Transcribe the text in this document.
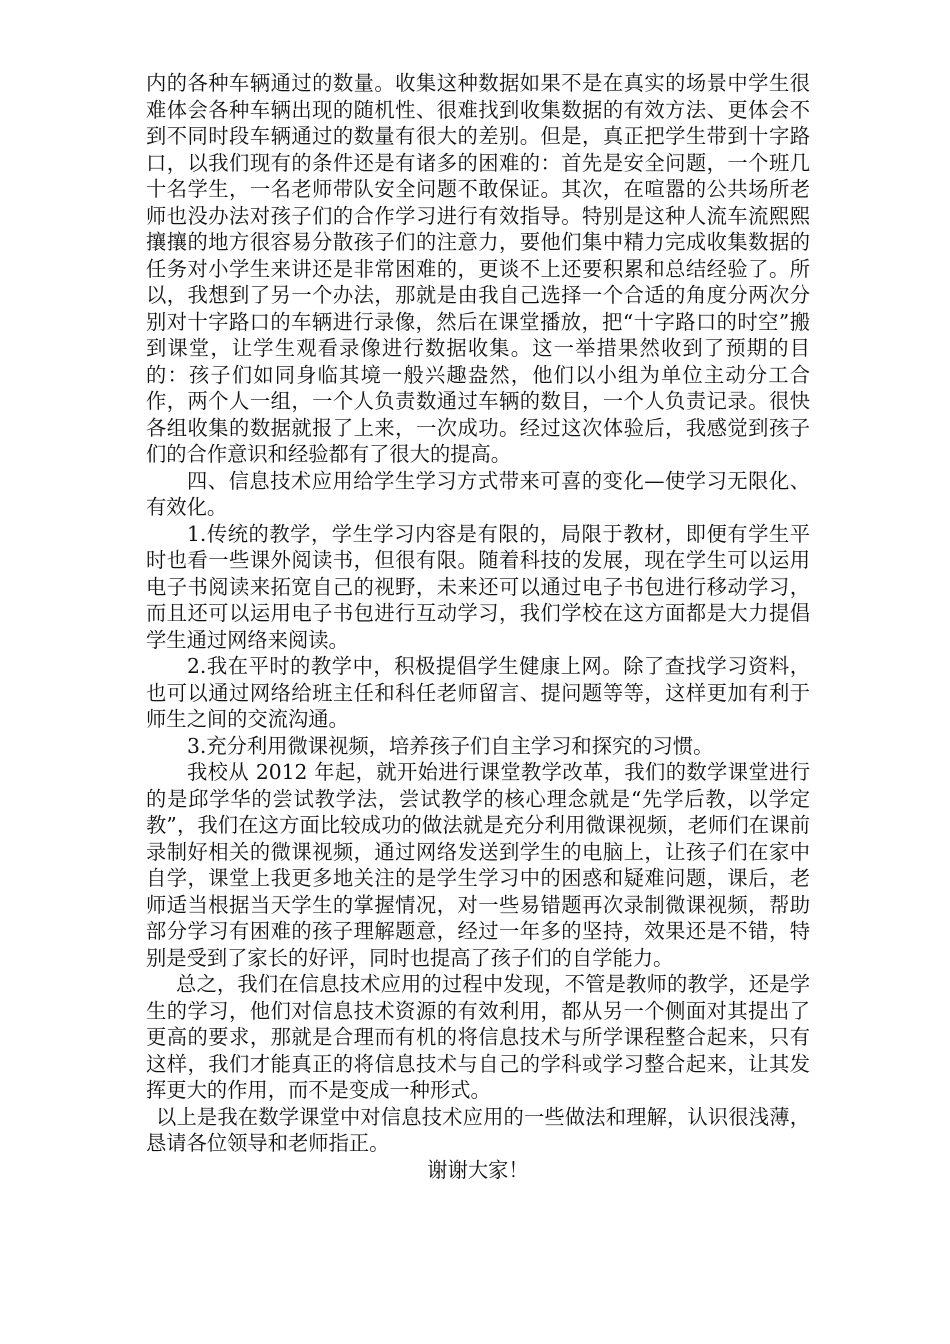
内的各种车辆通过的数量。收集这种数据如果不是在真实的场景中学生很难体会各种车辆出现的随机性、很难找到收集数据的有效方法、更体会不到不同时段车辆通过的数量有很大的差别。但是，真正把学生带到十字路口，以我们现有的条件还是有诸多的困难的：首先是安全问题，一个班几十名学生，一名老师带队安全问题不敢保证。其次，在喧嚣的公共场所老师也没办法对孩子们的合作学习进行有效指导。特别是这种人流车流熙熙攘攘的地方很容易分散孩子们的注意力，要他们集中精力完成收集数据的任务对小学生来讲还是非常困难的，更谈不上还要积累和总结经验了。所以，我想到了另一个办法，那就是由我自己选择一个合适的角度分两次分别对十字路口的车辆进行录像，然后在课堂播放，把“十字路口的时空”搬到课堂，让学生观看录像进行数据收集。这一举措果然收到了预期的目的：孩子们如同身临其境一般兴趣盎然，他们以小组为单位主动分工合作，两个人一组，一个人负责数通过车辆的数目，一个人负责记录。很快各组收集的数据就报了上来，一次成功。经过这次体验后，我感觉到孩子们的合作意识和经验都有了很大的提高。

四、信息技术应用给学生学习方式带来可喜的变化—使学习无限化、有效化。

1.传统的教学，学生学习内容是有限的，局限于教材，即便有学生平时也看一些课外阅读书，但很有限。随着科技的发展，现在学生可以运用电子书阅读来拓宽自己的视野，未来还可以通过电子书包进行移动学习，而且还可以运用电子书包进行互动学习，我们学校在这方面都是大力提倡学生通过网络来阅读。

2.我在平时的教学中，积极提倡学生健康上网。除了查找学习资料，也可以通过网络给班主任和科任老师留言、提问题等等，这样更加有利于师生之间的交流沟通。

3.充分利用微课视频，培养孩子们自主学习和探究的习惯。

我校从 2012 年起，就开始进行课堂教学改革，我们的数学课堂进行的是邱学华的尝试教学法，尝试教学的核心理念就是“先学后教，以学定教”，我们在这方面比较成功的做法就是充分利用微课视频，老师们在课前录制好相关的微课视频，通过网络发送到学生的电脑上，让孩子们在家中自学，课堂上我更多地关注的是学生学习中的困惑和疑难问题，课后，老师适当根据当天学生的掌握情况，对一些易错题再次录制微课视频，帮助部分学习有困难的孩子理解题意，经过一年多的坚持，效果还是不错，特别是受到了家长的好评，同时也提高了孩子们的自学能力。

总之，我们在信息技术应用的过程中发现，不管是教师的教学，还是学生的学习，他们对信息技术资源的有效利用，都从另一个侧面对其提出了更高的要求，那就是合理而有机的将信息技术与所学课程整合起来，只有这样，我们才能真正的将信息技术与自己的学科或学习整合起来，让其发挥更大的作用，而不是变成一种形式。

以上是我在数学课堂中对信息技术应用的一些做法和理解，认识很浅薄，恳请各位领导和老师指正。

谢谢大家！
